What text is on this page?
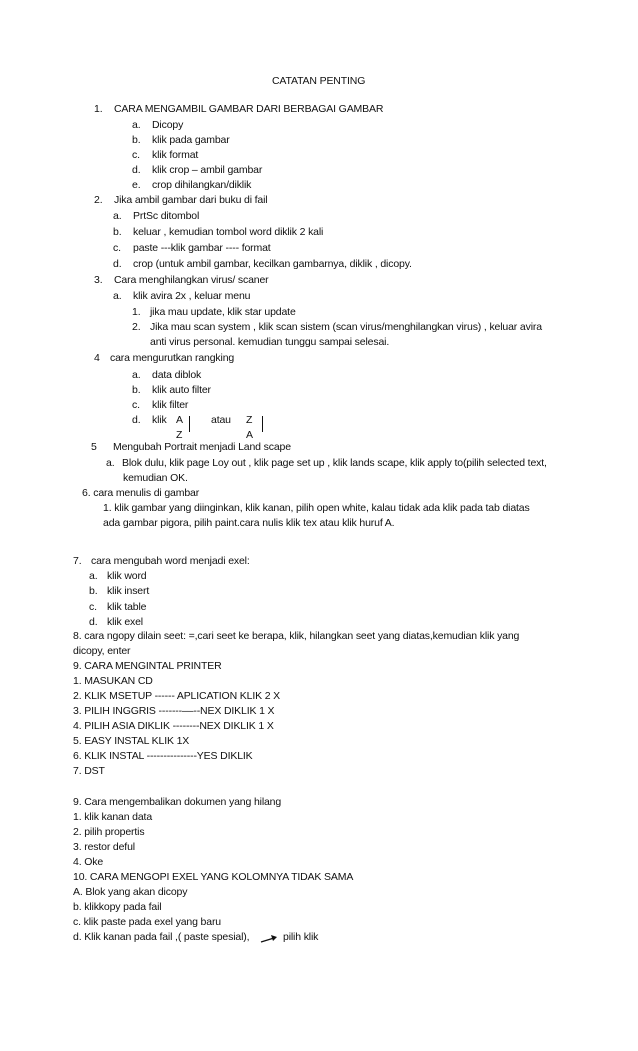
CATATAN PENTING
1. CARA MENGAMBIL GAMBAR DARI BERBAGAI GAMBAR
a. Dicopy
b. klik pada gambar
c. klik format
d. klik crop – ambil gambar
e. crop dihilangkan/diklik
2. Jika ambil gambar dari buku di fail
a. PrtSc ditombol
b. keluar , kemudian tombol word diklik 2 kali
c. paste ---klik gambar ---- format
d. crop (untuk ambil gambar, kecilkan gambarnya, diklik , dicopy.
3. Cara menghilangkan virus/ scaner
a. klik avira 2x , keluar menu
1. jika mau update, klik star update
2. Jika mau scan system , klik scan sistem (scan virus/menghilangkan virus) , keluar avira
anti virus personal. kemudian tunggu sampai selesai.
4 cara mengurutkan rangking
a. data diblok
b. klik auto filter
c. klik filter
d. klik A
Z
atau Z
A
5 Mengubah Portrait menjadi Land scape
a. Blok dulu, klik page Loy out , klik page set up , klik lands scape, klik apply to(pilih selected text,
kemudian OK.
6. cara menulis di gambar
1. klik gambar yang diinginkan, klik kanan, pilih open white, kalau tidak ada klik pada tab diatas
ada gambar pigora, pilih paint.cara nulis klik tex atau klik huruf A.
7. cara mengubah word menjadi exel:
a. klik word
b. klik insert
c. klik table
d. klik exel
8. cara ngopy dilain seet: =,cari seet ke berapa, klik, hilangkan seet yang diatas,kemudian klik yang
dicopy, enter
9. CARA MENGINTAL PRINTER
1. MASUKAN CD
2. KLIK MSETUP ------ APLICATION KLIK 2 X
3. PILIH INGGRIS -------––--NEX DIKLIK 1 X
4. PILIH ASIA DIKLIK --------NEX DIKLIK 1 X
5. EASY INSTAL KLIK 1X
6. KLIK INSTAL ---------------YES DIKLIK
7. DST
9. Cara mengembalikan dokumen yang hilang
1. klik kanan data
2. pilih propertis
3. restor deful
4. Oke
10. CARA MENGOPI EXEL YANG KOLOMNYA TIDAK SAMA
A. Blok yang akan dicopy
b. klikkopy pada fail
c. klik paste pada exel yang baru
d. Klik kanan pada fail ,( paste spesial),	pilih klik
